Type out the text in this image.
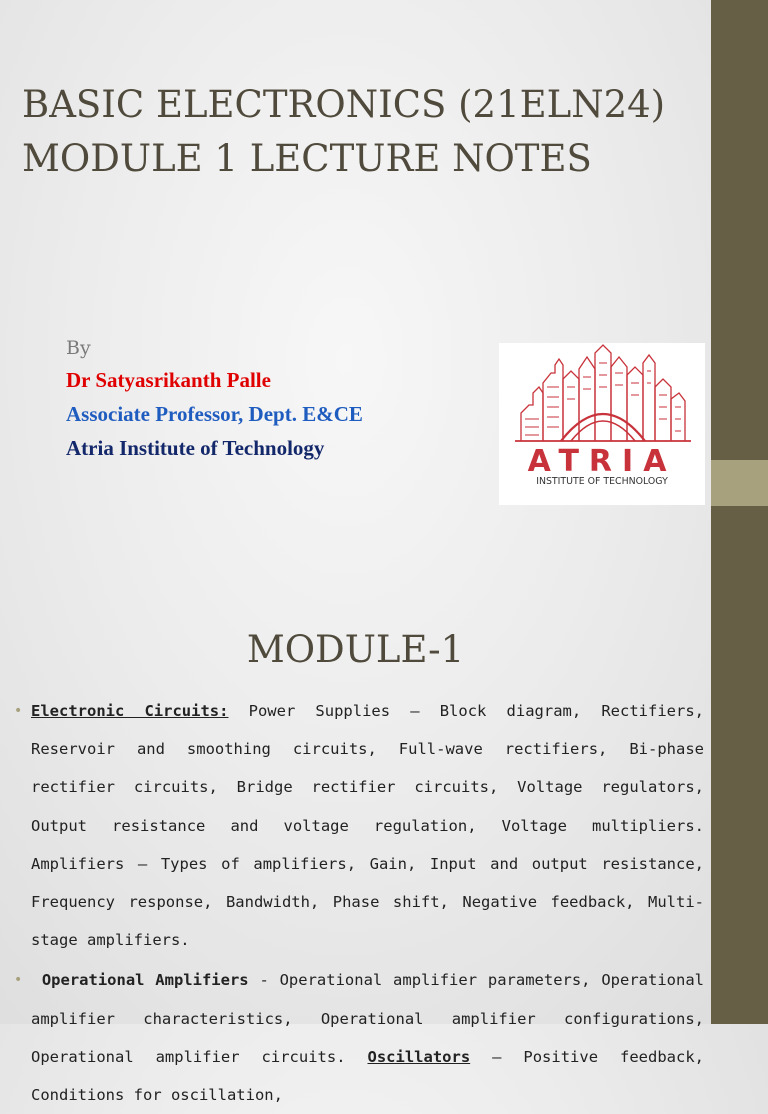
BASIC ELECTRONICS (21ELN24)
MODULE 1 LECTURE NOTES
By
Dr Satyasrikanth Palle
Associate Professor, Dept. E&CE
Atria Institute of Technology	ATRIA
INSTITUTE OF TECHNOLOGY
MODULE-1
• Electronic Circuits: Power Supplies – Block diagram, Rectifiers, Reservoir and smoothing circuits, Full-wave rectifiers, Bi-phase rectifier circuits, Bridge rectifier circuits, Voltage regulators, Output resistance and voltage regulation, Voltage multipliers. Amplifiers – Types of amplifiers, Gain, Input and output resistance, Frequency response, Bandwidth, Phase shift, Negative feedback, Multi-stage amplifiers.

•	Operational Amplifiers - Operational amplifier parameters, Operational amplifier characteristics, Operational amplifier configurations, Operational amplifier circuits. Oscillators – Positive feedback, Conditions for oscillation,
